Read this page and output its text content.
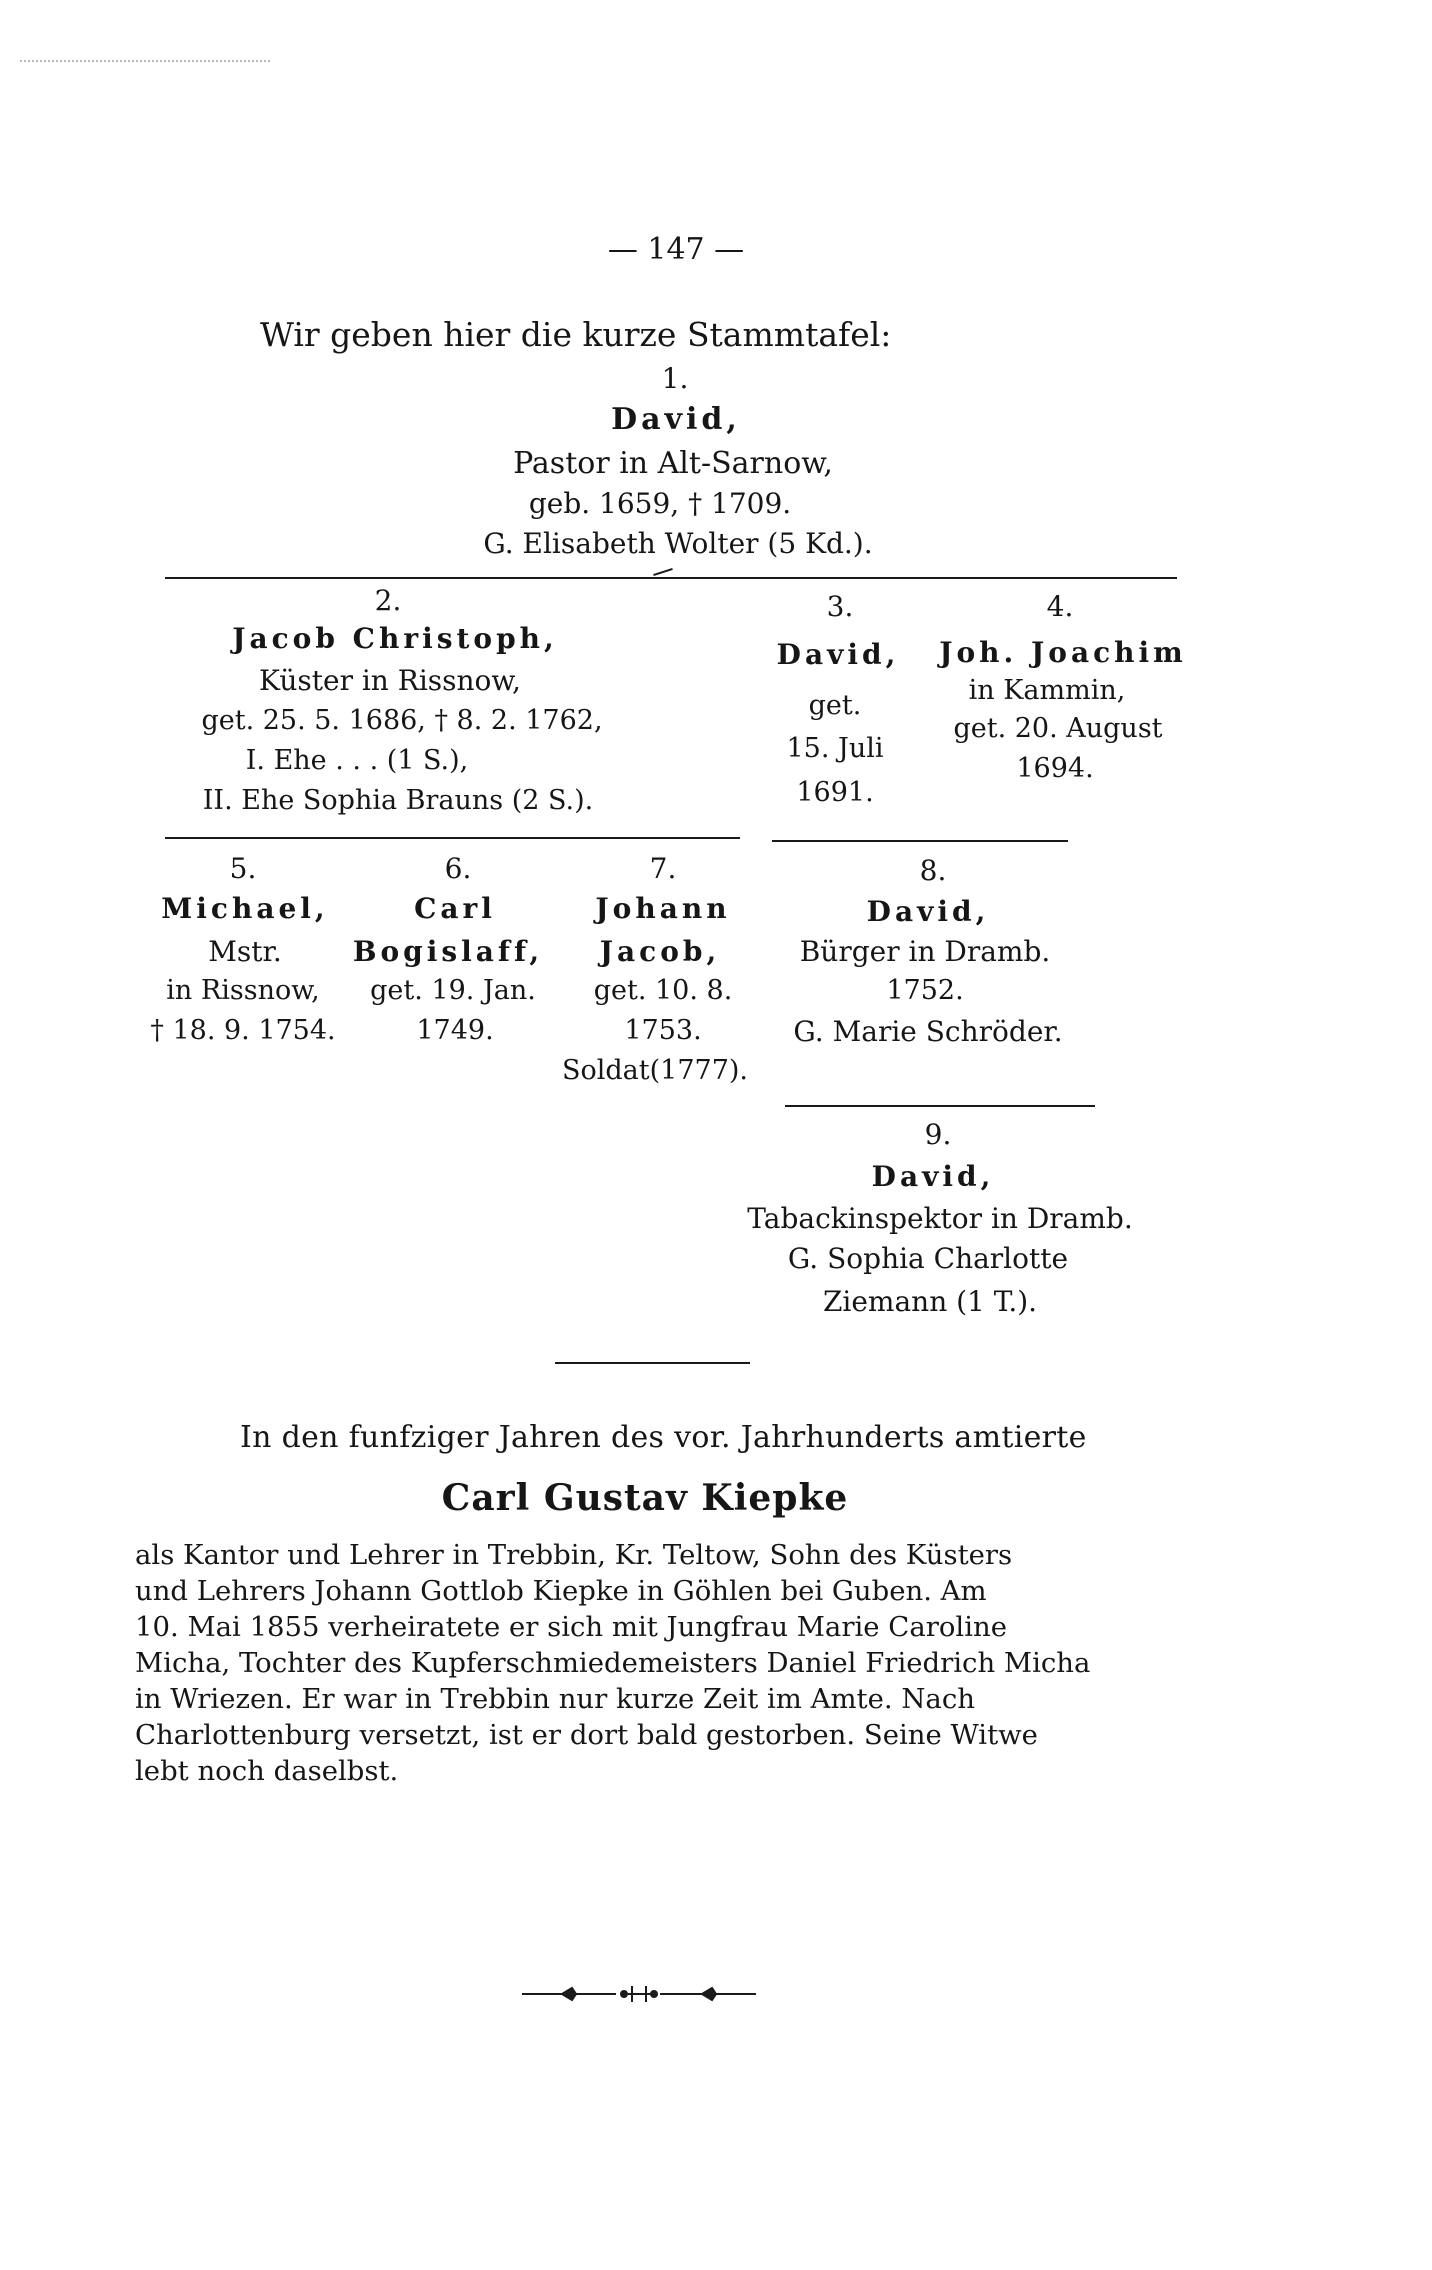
— 147 —
Wir geben hier die kurze Stammtafel:
1.
David,
Pastor in Alt-Sarnow,
geb. 1659, † 1709.
G. Elisabeth Wolter (5 Kd.).
2.
Jacob Christoph,
Küster in Rissnow,
get. 25. 5. 1686, † 8. 2. 1762,
I. Ehe . . . (1 S.),
II. Ehe Sophia Brauns (2 S.).
3.
David,
get.
15. Juli
1691.
4.
Joh. Joachim
in Kammin,
get. 20. August
1694.
5.
Michael,
Mstr.
in Rissnow,
† 18. 9. 1754.
6.
Carl
Bogislaff,
get. 19. Jan.
1749.
7.
Johann
Jacob,
get. 10. 8.
1753.
Soldat(1777).
8.
David,
Bürger in Dramb.
1752.
G. Marie Schröder.
9.
David,
Tabackinspektor in Dramb.
G. Sophia Charlotte
Ziemann (1 T.).
In den funfziger Jahren des vor. Jahrhunderts amtierte
Carl Gustav Kiepke

als Kantor und Lehrer in Trebbin, Kr. Teltow, Sohn des Küsters

und Lehrers Johann Gottlob Kiepke in Göhlen bei Guben. Am

10. Mai 1855 verheiratete er sich mit Jungfrau Marie Caroline

Micha, Tochter des Kupferschmiedemeisters Daniel Friedrich Micha

in Wriezen. Er war in Trebbin nur kurze Zeit im Amte. Nach

Charlottenburg versetzt, ist er dort bald gestorben. Seine Witwe

lebt noch daselbst.
